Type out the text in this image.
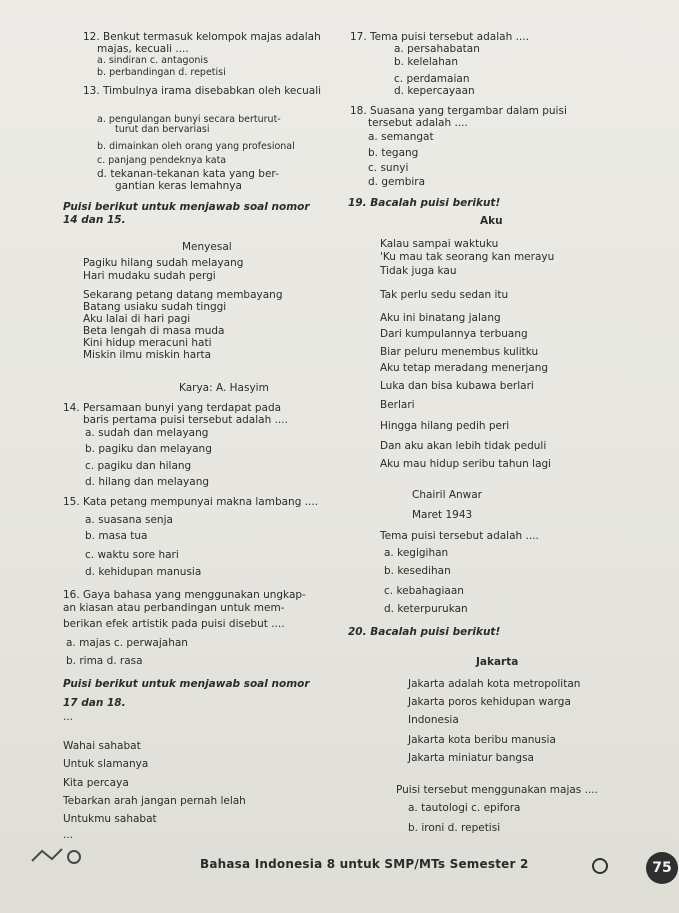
12. Benkut termasuk kelompok majas adalah
majas, kecuali ....
a. sindiran c. antagonis
b. perbandingan d. repetisi
13. Timbulnya irama disebabkan oleh kecuali
a. pengulangan bunyi secara berturut-
turut dan bervariasi
b. dimainkan oleh orang yang profesional
c. panjang pendeknya kata
d. tekanan-tekanan kata yang ber-
gantian keras lemahnya
Puisi berikut untuk menjawab soal nomor
14 dan 15.
Menyesal
Pagiku hilang sudah melayang
Hari mudaku sudah pergi
Sekarang petang datang membayang
Batang usiaku sudah tinggi
Aku lalai di hari pagi
Beta lengah di masa muda
Kini hidup meracuni hati
Miskin ilmu miskin harta
Karya: A. Hasyim
14. Persamaan bunyi yang terdapat pada
baris pertama puisi tersebut adalah ....
a. sudah dan melayang
b. pagiku dan melayang
c. pagiku dan hilang
d. hilang dan melayang
15. Kata petang mempunyai makna lambang ....
a. suasana senja
b. masa tua
c. waktu sore hari
d. kehidupan manusia
16. Gaya bahasa yang menggunakan ungkap-
an kiasan atau perbandingan untuk mem-
berikan efek artistik pada puisi disebut ....
a. majas c. perwajahan
b. rima d. rasa
Puisi berikut untuk menjawab soal nomor
17 dan 18.
...
Wahai sahabat
Untuk slamanya
Kita percaya
Tebarkan arah jangan pernah lelah
Untukmu sahabat
...
17. Tema puisi tersebut adalah ....
a. persahabatan
b. kelelahan
c. perdamaian
d. kepercayaan
18. Suasana yang tergambar dalam puisi
tersebut adalah ....
a. semangat
b. tegang
c. sunyi
d. gembira
19. Bacalah puisi berikut!
Aku
Kalau sampai waktuku
'Ku mau tak seorang kan merayu
Tidak juga kau
Tak perlu sedu sedan itu
Aku ini binatang jalang
Dari kumpulannya terbuang
Biar peluru menembus kulitku
Aku tetap meradang menerjang
Luka dan bisa kubawa berlari
Berlari
Hingga hilang pedih peri
Dan aku akan lebih tidak peduli
Aku mau hidup seribu tahun lagi
Chairil Anwar
Maret 1943
Tema puisi tersebut adalah ....
a. kegigihan
b. kesedihan
c. kebahagiaan
d. keterpurukan
20. Bacalah puisi berikut!
Jakarta
Jakarta adalah kota metropolitan
Jakarta poros kehidupan warga
Indonesia
Jakarta kota beribu manusia
Jakarta miniatur bangsa
Puisi tersebut menggunakan majas ....
a. tautologi c. epifora
b. ironi d. repetisi
Bahasa Indonesia 8 untuk SMP/MTs Semester 2	75
